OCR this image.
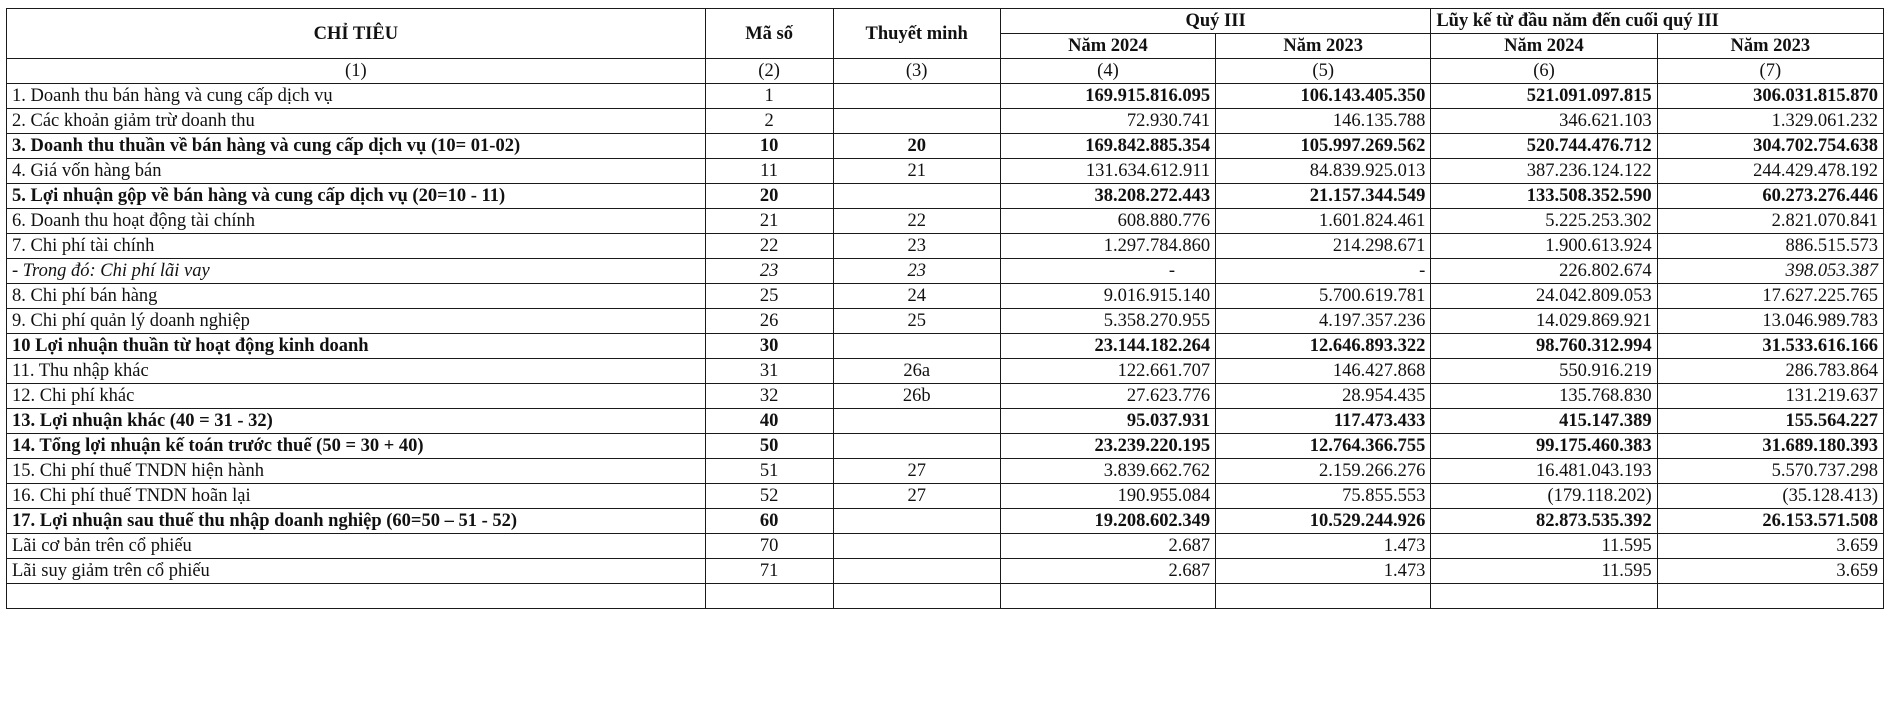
CHỈ TIÊU	Mã số	Thuyết minh	Quý III		Lũy kế từ đầu năm đến cuối quý III	
			Năm 2024	Năm 2023	Năm 2024	Năm 2023
(1)	(2)	(3)	(4)	(5)	(6)	(7)
1. Doanh thu bán hàng và cung cấp dịch vụ	1		169.915.816.095	106.143.405.350	521.091.097.815	306.031.815.870
2. Các khoản giảm trừ doanh thu	2		72.930.741	146.135.788	346.621.103	1.329.061.232
3. Doanh thu thuần về bán hàng và cung cấp dịch vụ (10= 01-02)	10	20	169.842.885.354	105.997.269.562	520.744.476.712	304.702.754.638
4. Giá vốn hàng bán	11	21	131.634.612.911	84.839.925.013	387.236.124.122	244.429.478.192
5. Lợi nhuận gộp về bán hàng và cung cấp dịch vụ (20=10 - 11)	20		38.208.272.443	21.157.344.549	133.508.352.590	60.273.276.446
6. Doanh thu hoạt động tài chính	21	22	608.880.776	1.601.824.461	5.225.253.302	2.821.070.841
7. Chi phí tài chính	22	23	1.297.784.860	214.298.671	1.900.613.924	886.515.573
- Trong đó: Chi phí lãi vay	23	23	-	-	226.802.674	398.053.387
8. Chi phí bán hàng	25	24	9.016.915.140	5.700.619.781	24.042.809.053	17.627.225.765
9. Chi phí quản lý doanh nghiệp	26	25	5.358.270.955	4.197.357.236	14.029.869.921	13.046.989.783
10 Lợi nhuận thuần từ hoạt động kinh doanh	30		23.144.182.264	12.646.893.322	98.760.312.994	31.533.616.166
11. Thu nhập khác	31	26a	122.661.707	146.427.868	550.916.219	286.783.864
12. Chi phí khác	32	26b	27.623.776	28.954.435	135.768.830	131.219.637
13. Lợi nhuận khác (40 = 31 - 32)	40		95.037.931	117.473.433	415.147.389	155.564.227
14. Tổng lợi nhuận kế toán trước thuế (50 = 30 + 40)	50		23.239.220.195	12.764.366.755	99.175.460.383	31.689.180.393
15. Chi phí thuế TNDN hiện hành	51	27	3.839.662.762	2.159.266.276	16.481.043.193	5.570.737.298
16. Chi phí thuế TNDN hoãn lại	52	27	190.955.084	75.855.553	(179.118.202)	(35.128.413)
17. Lợi nhuận sau thuế thu nhập doanh nghiệp (60=50 – 51 - 52)	60		19.208.602.349	10.529.244.926	82.873.535.392	26.153.571.508
Lãi cơ bản trên cổ phiếu	70		2.687	1.473	11.595	3.659
Lãi suy giảm trên cổ phiếu	71		2.687	1.473	11.595	3.659
